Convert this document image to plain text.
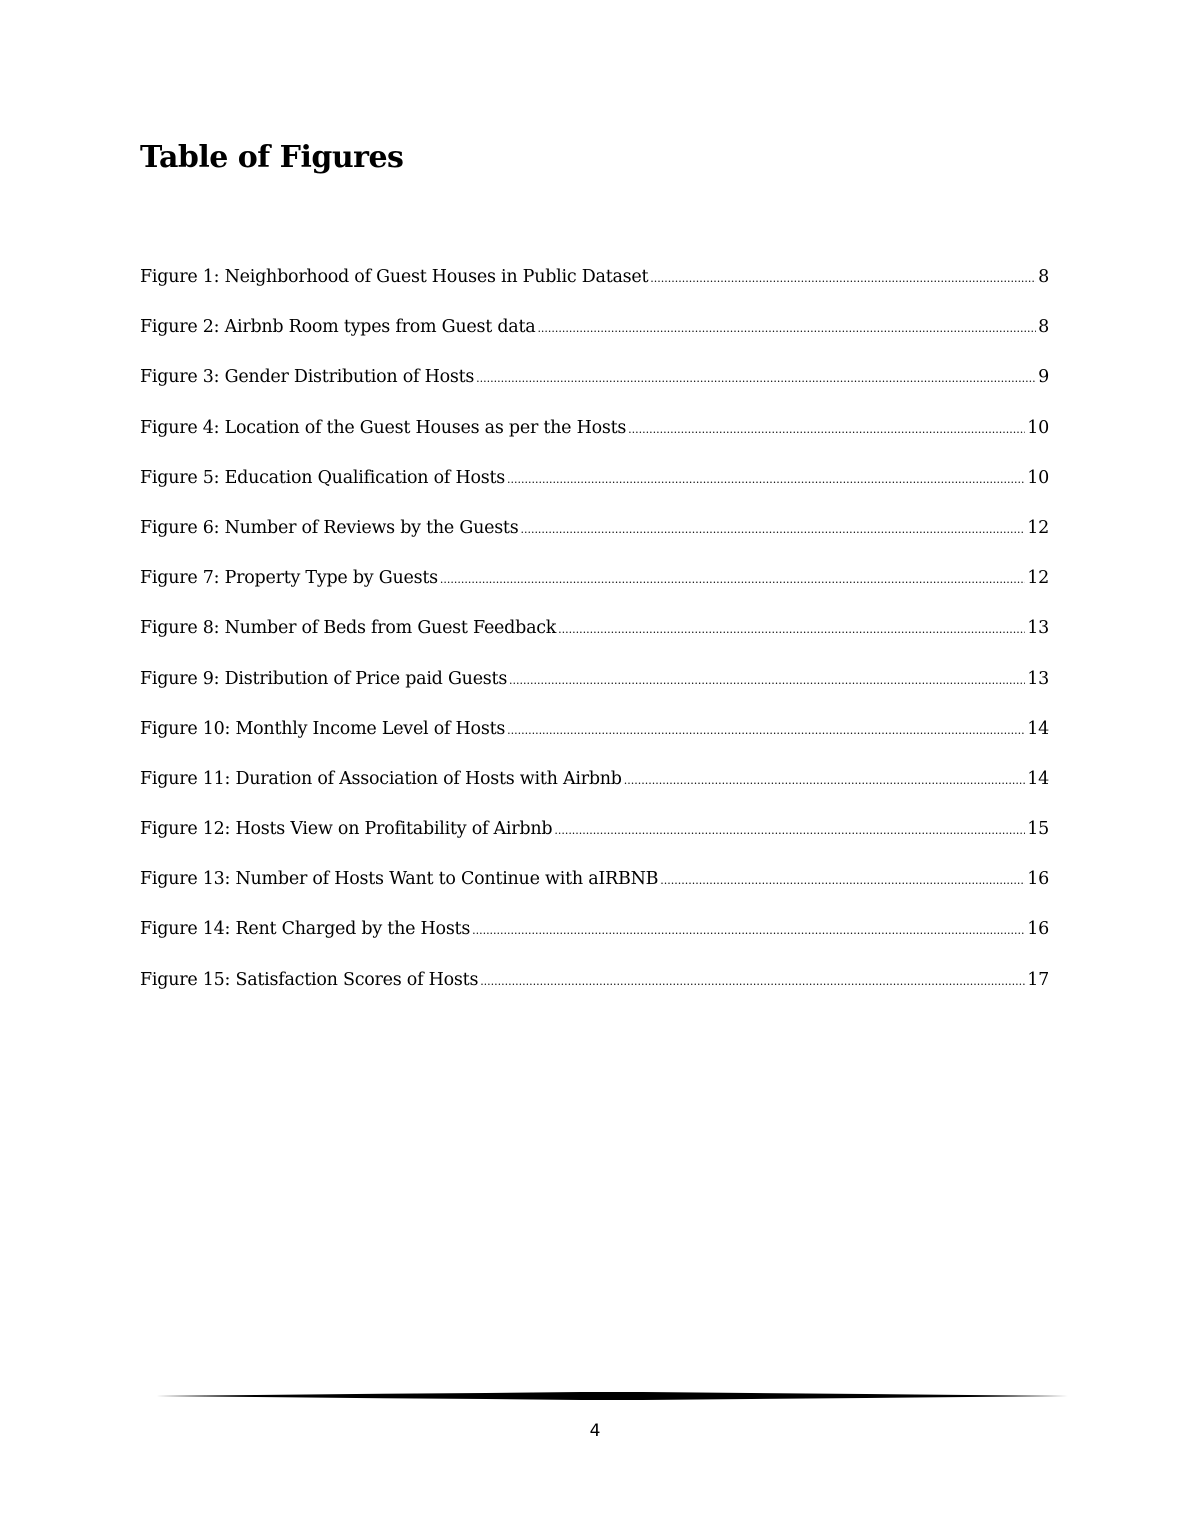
Table of Figures
Figure 1: Neighborhood of Guest Houses in Public Dataset .....	8
Figure 2: Airbnb Room types from Guest data .....	8
Figure 3: Gender Distribution of Hosts .....	9
Figure 4: Location of the Guest Houses as per the Hosts .....	10
Figure 5: Education Qualification of Hosts .....	10
Figure 6: Number of Reviews by the Guests .....	12
Figure 7: Property Type by Guests .....	12
Figure 8: Number of Beds from Guest Feedback .....	13
Figure 9: Distribution of Price paid Guests .....	13
Figure 10: Monthly Income Level of Hosts .....	14
Figure 11: Duration of Association of Hosts with Airbnb .....	14
Figure 12: Hosts View on Profitability of Airbnb .....	15
Figure 13: Number of Hosts Want to Continue with aIRBNB .....	16
Figure 14: Rent Charged by the Hosts .....	16
Figure 15: Satisfaction Scores of Hosts .....	17
4
